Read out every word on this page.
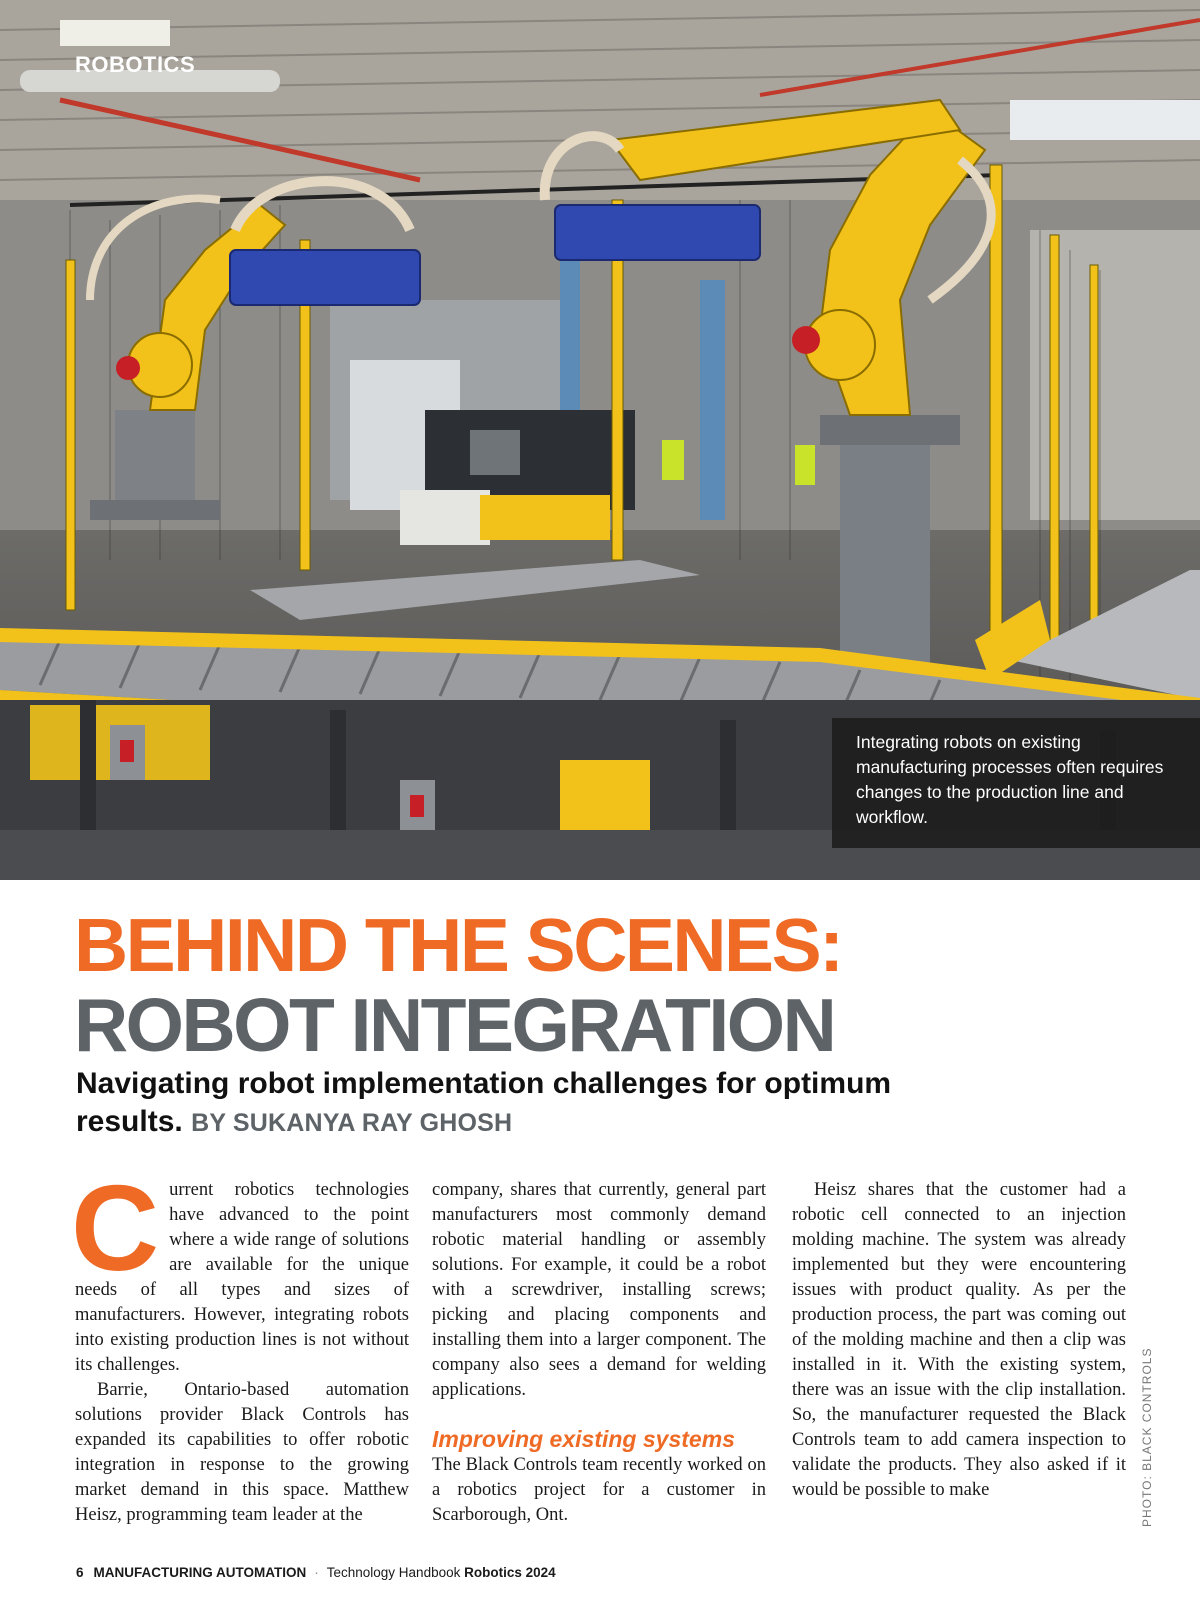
ROBOTICS
Integrating robots on existing manufacturing processes often requires changes to the production line and workflow.
BEHIND THE SCENES:
ROBOT INTEGRATION
Navigating robot implementation challenges for optimum results. BY SUKANYA RAY GHOSH

Current robotics technologies have advanced to the point where a wide range of solutions are available for the unique needs of all types and sizes of manufacturers. However, integrating robots into existing production lines is not without its challenges.

Barrie, Ontario-based automation solutions provider Black Controls has expanded its capabilities to offer robotic integration in response to the growing market demand in this space. Matthew Heisz, programming team leader at the

company, shares that currently, general part manufacturers most commonly demand robotic material handling or assembly solutions. For example, it could be a robot with a screwdriver, installing screws; picking and placing components and installing them into a larger component. The company also sees a demand for welding applications.

Improving existing systems

The Black Controls team recently worked on a robotics project for a customer in Scarborough, Ont.

Heisz shares that the customer had a robotic cell connected to an injection molding machine. The system was already implemented but they were encountering issues with product quality. As per the production process, the part was coming out of the molding machine and then a clip was installed in it. With the existing system, there was an issue with the clip installation. So, the manufacturer requested the Black Controls team to add camera inspection to validate the products. They also asked if it would be possible to make	PHOTO: BLACK CONTROLS
6 MANUFACTURING AUTOMATION · Technology Handbook Robotics 2024
